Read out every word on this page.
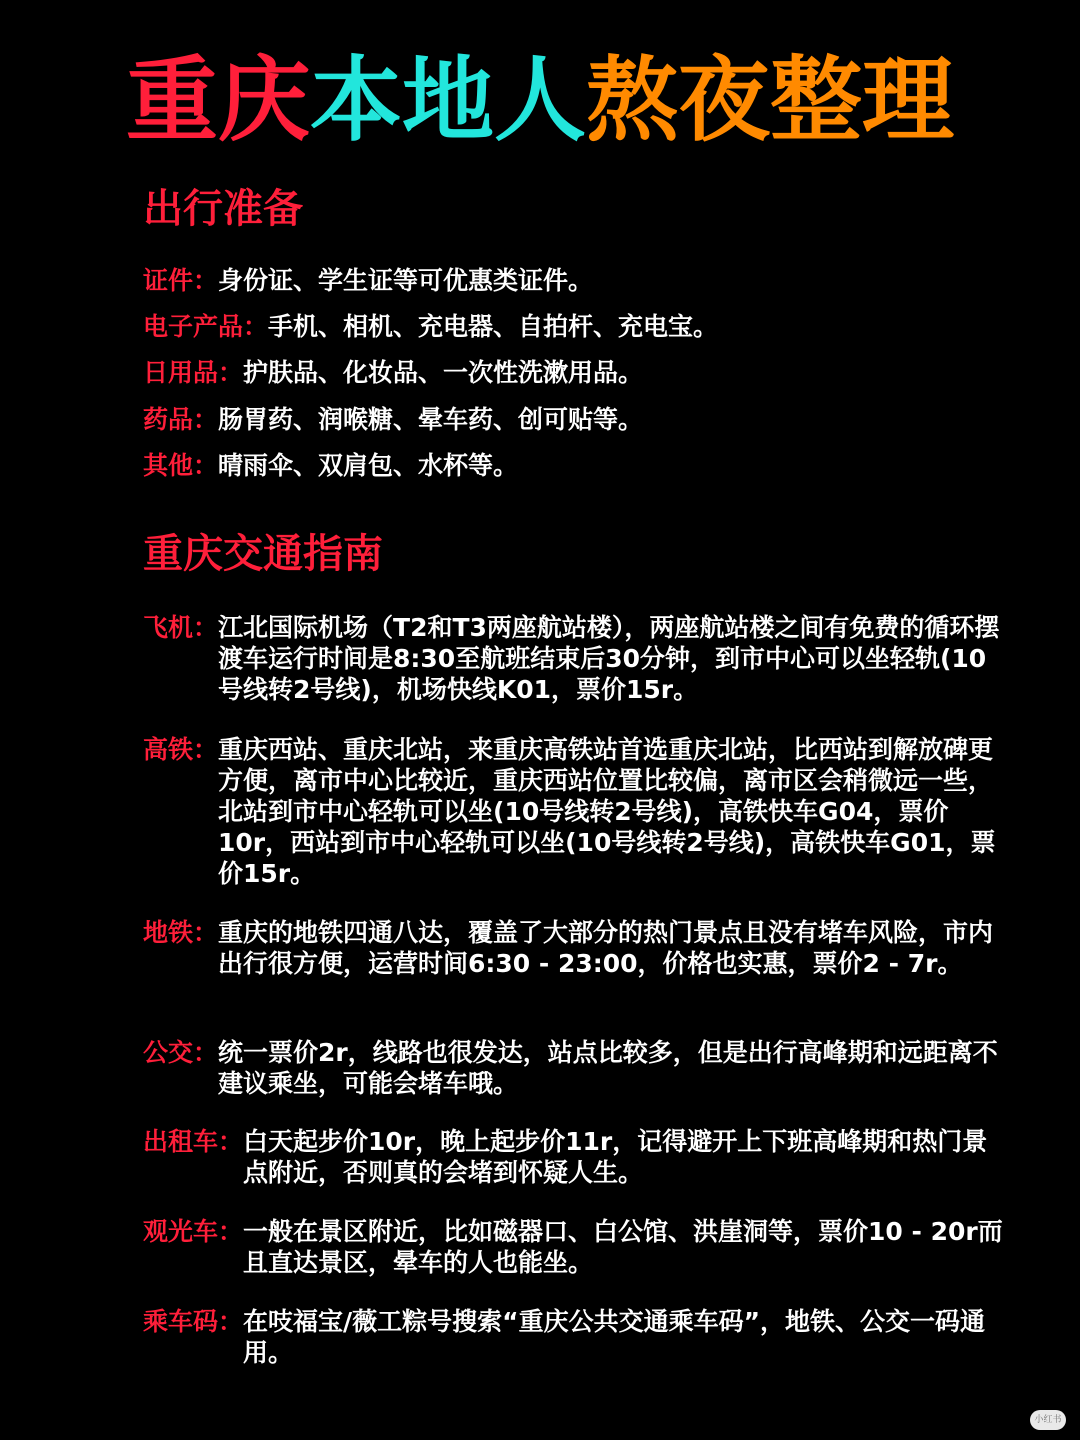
重庆本地人熬夜整理
出行准备
证件： 身份证、学生证等可优惠类证件。
电子产品： 手机、相机、充电器、自拍杆、充电宝。
日用品： 护肤品、化妆品、一次性洗漱用品。
药品： 肠胃药、润喉糖、晕车药、创可贴等。
其他： 晴雨伞、双肩包、水杯等。
重庆交通指南
飞机： 江北国际机场（T2和T3两座航站楼），两座航站楼之间有免费的循环摆渡车运行时间是8:30至航班结束后30分钟，到市中心可以坐轻轨(10号线转2号线)，机场快线K01，票价15r。
高铁： 重庆西站、重庆北站，来重庆高铁站首选重庆北站，比西站到解放碑更方便，离市中心比较近，重庆西站位置比较偏，离市区会稍微远一些，北站到市中心轻轨可以坐(10号线转2号线)，高铁快车G04，票价10r，西站到市中心轻轨可以坐(10号线转2号线)，高铁快车G01，票价15r。
地铁： 重庆的地铁四通八达，覆盖了大部分的热门景点且没有堵车风险，市内出行很方便，运营时间6:30 - 23:00，价格也实惠，票价2 - 7r。
公交： 统一票价2r，线路也很发达，站点比较多，但是出行高峰期和远距离不建议乘坐，可能会堵车哦。
出租车： 白天起步价10r，晚上起步价11r，记得避开上下班高峰期和热门景点附近，否则真的会堵到怀疑人生。
观光车： 一般在景区附近，比如磁器口、白公馆、洪崖洞等，票价10 - 20r而且直达景区，晕车的人也能坐。
乘车码： 在吱福宝/薇工粽号搜索“重庆公共交通乘车码”，地铁、公交一码通用。
小红书
